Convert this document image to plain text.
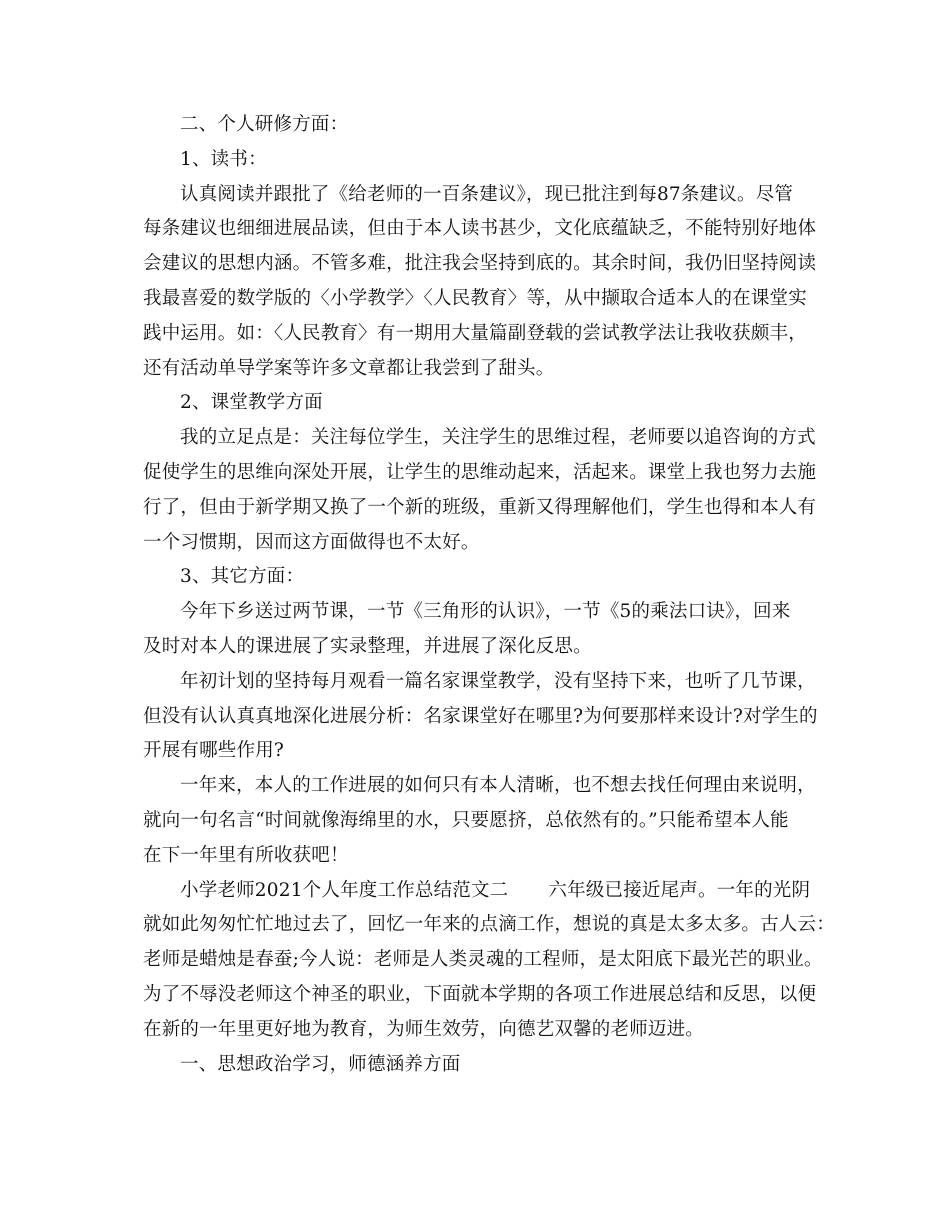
二、个人研修方面：
1、读书：
认真阅读并跟批了《给老师的一百条建议》，现已批注到每87条建议。尽管
每条建议也细细进展品读，但由于本人读书甚少，文化底蕴缺乏，不能特别好地体
会建议的思想内涵。不管多难，批注我会坚持到底的。其余时间，我仍旧坚持阅读
我最喜爱的数学版的〈小学教学〉〈人民教育〉等，从中撷取合适本人的在课堂实
践中运用。如：〈人民教育〉有一期用大量篇副登载的尝试教学法让我收获颇丰，
还有活动单导学案等许多文章都让我尝到了甜头。
2、课堂教学方面
我的立足点是：关注每位学生，关注学生的思维过程，老师要以追咨询的方式
促使学生的思维向深处开展，让学生的思维动起来，活起来。课堂上我也努力去施
行了，但由于新学期又换了一个新的班级，重新又得理解他们，学生也得和本人有
一个习惯期，因而这方面做得也不太好。
3、其它方面：
今年下乡送过两节课，一节《三角形的认识》，一节《5的乘法口诀》，回来
及时对本人的课进展了实录整理，并进展了深化反思。
年初计划的坚持每月观看一篇名家课堂教学，没有坚持下来，也听了几节课，
但没有认认真真地深化进展分析：名家课堂好在哪里?为何要那样来设计?对学生的
开展有哪些作用?
一年来，本人的工作进展的如何只有本人清晰，也不想去找任何理由来说明，
就向一句名言“时间就像海绵里的水，只要愿挤，总依然有的。”只能希望本人能
在下一年里有所收获吧！
小学老师2021个人年度工作总结范文二 六年级已接近尾声。一年的光阴
就如此匆匆忙忙地过去了，回忆一年来的点滴工作，想说的真是太多太多。古人云：
老师是蜡烛是春蚕;今人说：老师是人类灵魂的工程师，是太阳底下最光芒的职业。
为了不辱没老师这个神圣的职业，下面就本学期的各项工作进展总结和反思，以便
在新的一年里更好地为教育，为师生效劳，向德艺双馨的老师迈进。
一、思想政治学习，师德涵养方面
